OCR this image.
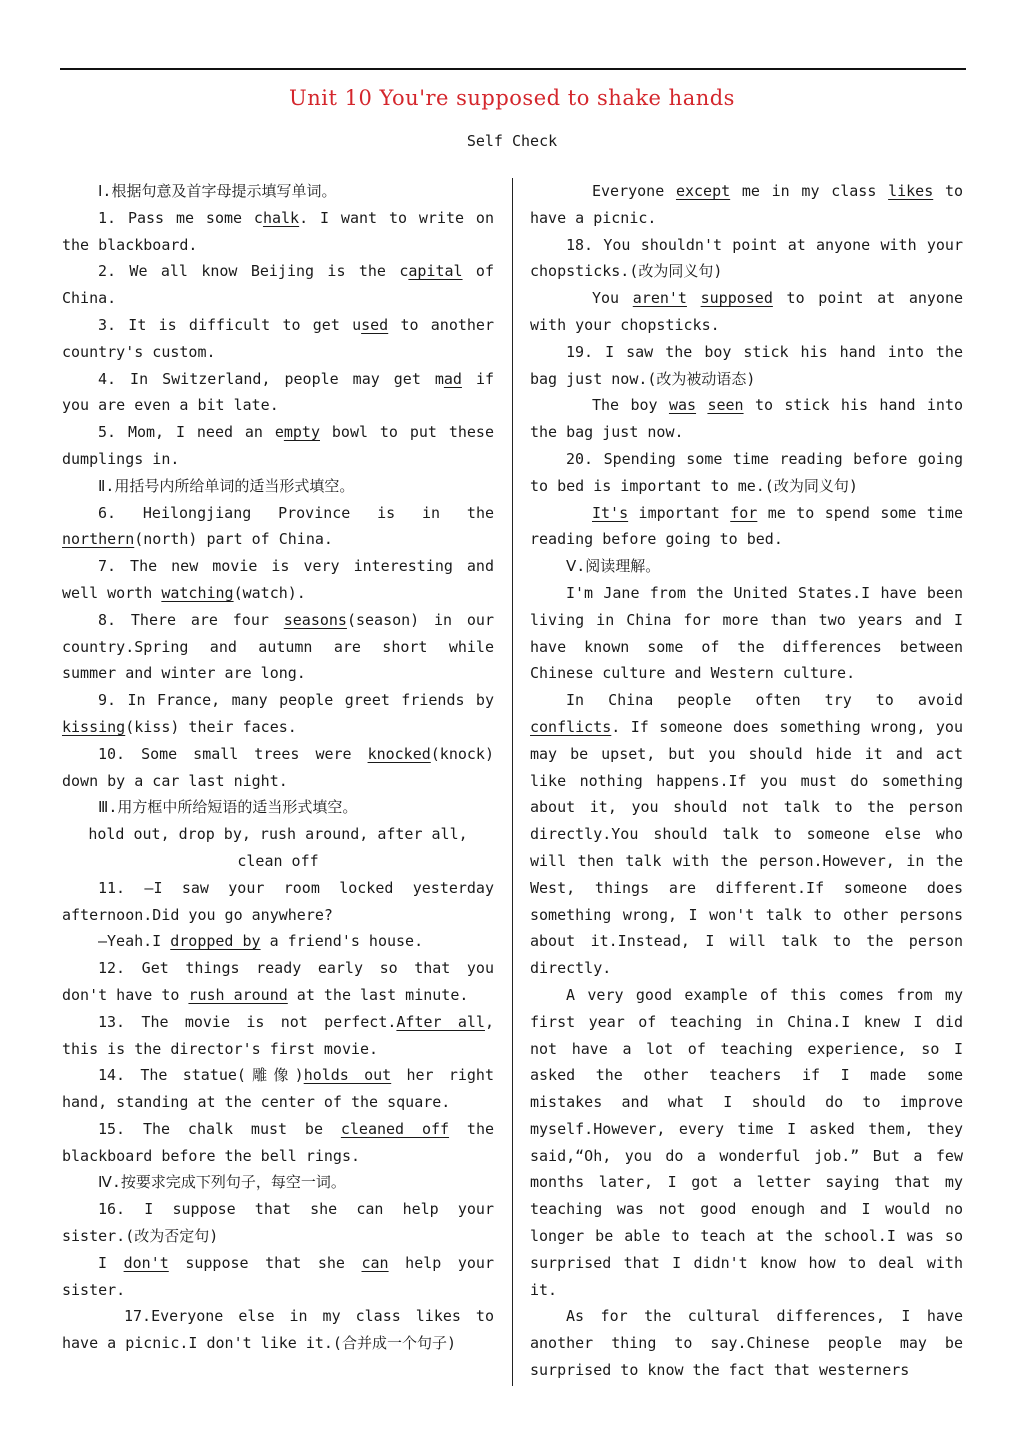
Unit 10 You're supposed to shake hands
Self Check

Ⅰ.根据句意及首字母提示填写单词。

1. Pass me some chalk. I want to write on the blackboard.

2. We all know Beijing is the capital of China.

3. It is difficult to get used to another country's custom.

4. In Switzerland, people may get mad if you are even a bit late.

5. Mom, I need an empty bowl to put these dumplings in.

Ⅱ.用括号内所给单词的适当形式填空。

6. Heilongjiang Province is in the northern(north) part of China.

7. The new movie is very interesting and well worth watching(watch).

8. There are four seasons(season) in our country.Spring and autumn are short while summer and winter are long.

9. In France, many people greet friends by kissing(kiss) their faces.

10. Some small trees were knocked(knock) down by a car last night.

Ⅲ.用方框中所给短语的适当形式填空。

hold out, drop by, rush around, after all, clean off

11. —I saw your room locked yesterday afternoon.Did you go anywhere?

—Yeah.I dropped by a friend's house.

12. Get things ready early so that you don't have to rush around at the last minute.

13. The movie is not perfect.After all, this is the director's first movie.

14. The statue(雕像)holds out her right hand, standing at the center of the square.

15. The chalk must be cleaned off the blackboard before the bell rings.

Ⅳ.按要求完成下列句子，每空一词。

16. I suppose that she can help your sister.(改为否定句)

I don't suppose that she can help your sister.

17.Everyone else in my class likes to have a picnic.I don't like it.(合并成一个句子)

Everyone except me in my class likes to have a picnic.

18. You shouldn't point at anyone with your chopsticks.(改为同义句)

You aren't supposed to point at anyone with your chopsticks.

19. I saw the boy stick his hand into the bag just now.(改为被动语态)

The boy was seen to stick his hand into the bag just now.

20. Spending some time reading before going to bed is important to me.(改为同义句)

It's important for me to spend some time reading before going to bed.

Ⅴ.阅读理解。

I'm Jane from the United States.I have been living in China for more than two years and I have known some of the differences between Chinese culture and Western culture.

In China people often try to avoid conflicts. If someone does something wrong, you may be upset, but you should hide it and act like nothing happens.If you must do something about it, you should not talk to the person directly.You should talk to someone else who will then talk with the person.However, in the West, things are different.If someone does something wrong, I won't talk to other persons about it.Instead, I will talk to the person directly.

A very good example of this comes from my first year of teaching in China.I knew I did not have a lot of teaching experience, so I asked the other teachers if I made some mistakes and what I should do to improve myself.However, every time I asked them, they said,“Oh, you do a wonderful job.” But a few months later, I got a letter saying that my teaching was not good enough and I would no longer be able to teach at the school.I was so surprised that I didn't know how to deal with it.

As for the cultural differences, I have another thing to say.Chinese people may be surprised to know the fact that westerners
